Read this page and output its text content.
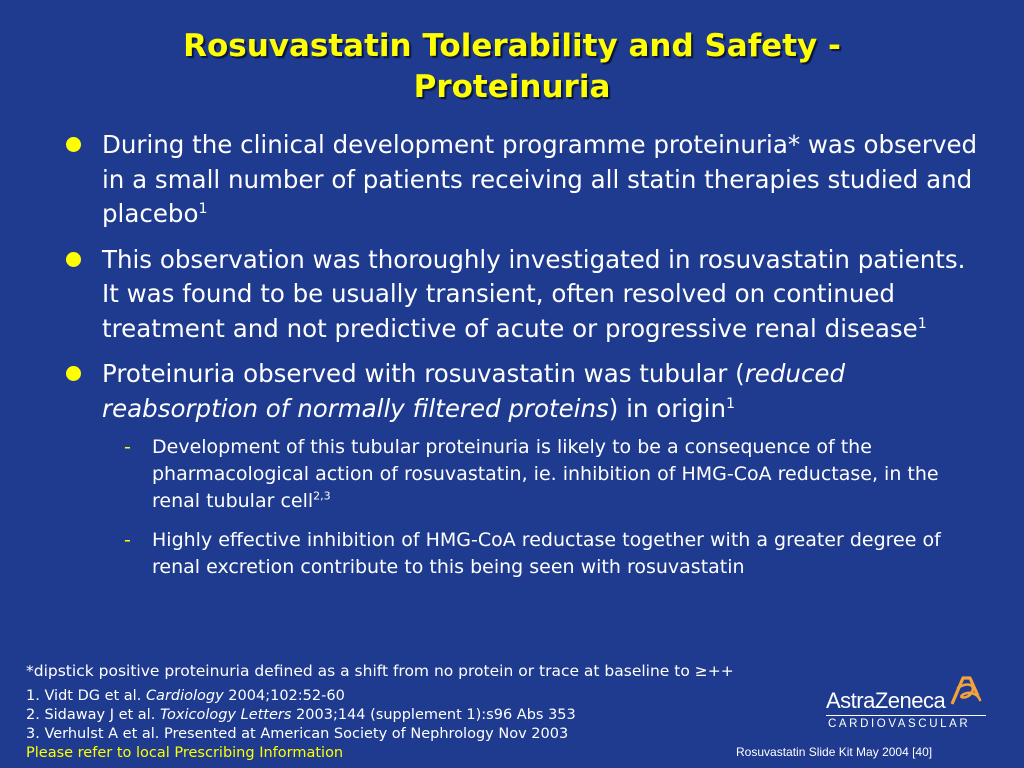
Rosuvastatin Tolerability and Safety -
Proteinuria
During the clinical development programme proteinuria* was observed in a small number of patients receiving all statin therapies studied and placebo$^1$
This observation was thoroughly investigated in rosuvastatin patients. It was found to be usually transient, often resolved on continued treatment and not predictive of acute or progressive renal disease$^1$
Proteinuria observed with rosuvastatin was tubular (reduced reabsorption of normally filtered proteins) in origin$^1$
- Development of this tubular proteinuria is likely to be a consequence of the pharmacological action of rosuvastatin, ie. inhibition of HMG-CoA reductase, in the renal tubular cell$^{2,3}$
- Highly effective inhibition of HMG-CoA reductase together with a greater degree of renal excretion contribute to this being seen with rosuvastatin
*dipstick positive proteinuria defined as a shift from no protein or trace at baseline to ≥++
1. Vidt DG et al. Cardiology 2004;102:52-60
2. Sidaway J et al. Toxicology Letters 2003;144 (supplement 1):s96 Abs 353
3. Verhulst A et al. Presented at American Society of Nephrology Nov 2003
Please refer to local Prescribing Information
AstraZeneca
CARDIOVASCULAR
Rosuvastatin Slide Kit May 2004 [40]
